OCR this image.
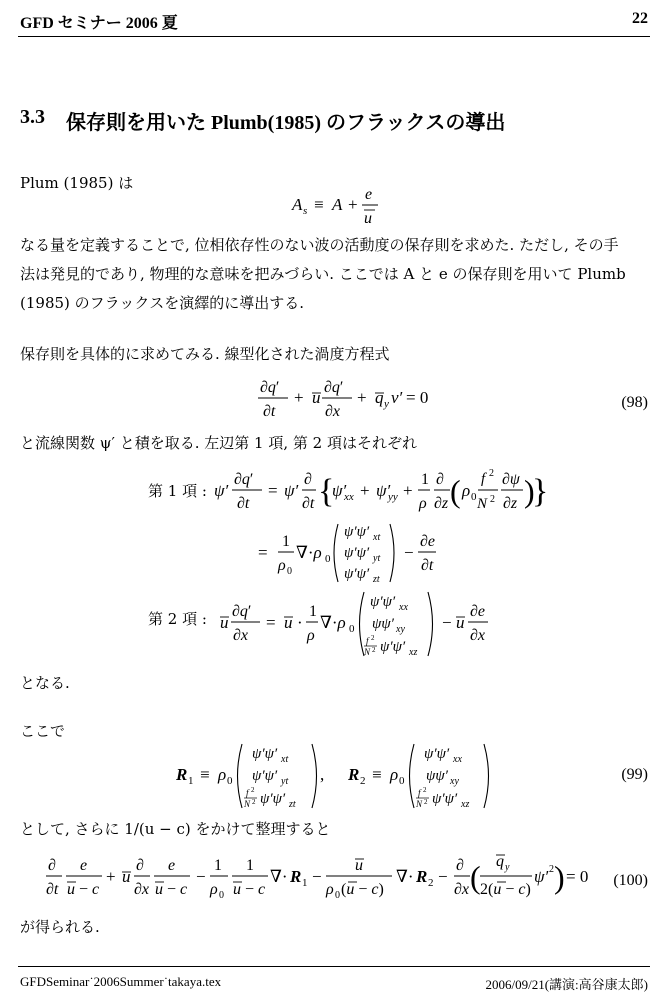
GFD セミナー 2006 夏	22
3.3 保存則を用いた Plumb(1985) のフラックスの導出
Plum (1985) は
A s ≡ A +
e
u
なる量を定義することで, 位相依存性のない波の活動度の保存則を求めた. ただし, その手
法は発見的であり, 物理的な意味を把みづらい. ここでは A と e の保存則を用いて Plumb
(1985) のフラックスを演繹的に導出する.
保存則を具体的に求めてみる. 線型化された渦度方程式
∂q′
∂t
+ u
∂q′
∂x
+ q y v′ = 0	(98)
と流線関数 ψ′ と積を取る. 左辺第 1 項, 第 2 項はそれぞれ
第 1 項 : ψ′
∂q′
∂t
= ψ′
∂
∂t {
ψ′
xx + ψ′
yy +
1
ρ
∂
∂z ( ρ 0
f 2
N 2
∂ψ
∂z )
}
=
1
ρ 0
∇·ρ 0
ψ′ψ′ xt
ψ′ψ′ yt
ψ′ψ′ zt
−
∂e
∂t
第 2 項 : u
∂q′
∂x
= u ·
1
ρ
∇·ρ 0
ψ′ψ′ xx
ψψ′ xy
f 2
N 2 ψ′ψ′ xz
− u
∂e
∂x
となる.
ここで
R 1 ≡ ρ 0
ψ′ψ′ xt
ψ′ψ′ yt
f 2
N 2 ψ′ψ′ zt
, R 2 ≡ ρ 0
ψ′ψ′ xx
ψψ′ xy
f 2
N 2 ψ′ψ′ xz
(99)
として, さらに 1/(u − c) をかけて整理すると
∂
∂t
e
u − c
+ u
∂
∂x
e
u − c
−
1
ρ 0
1
u − c
∇· R 1 −
u
ρ 0 (u − c)
∇· R 2 −
∂
∂x ( q y
2(u − c)
ψ′ 2 ) = 0 (100)
が得られる.
GFDSeminar˙2006Summer˙takaya.tex	2006/09/21(講演:高谷康太郎)
